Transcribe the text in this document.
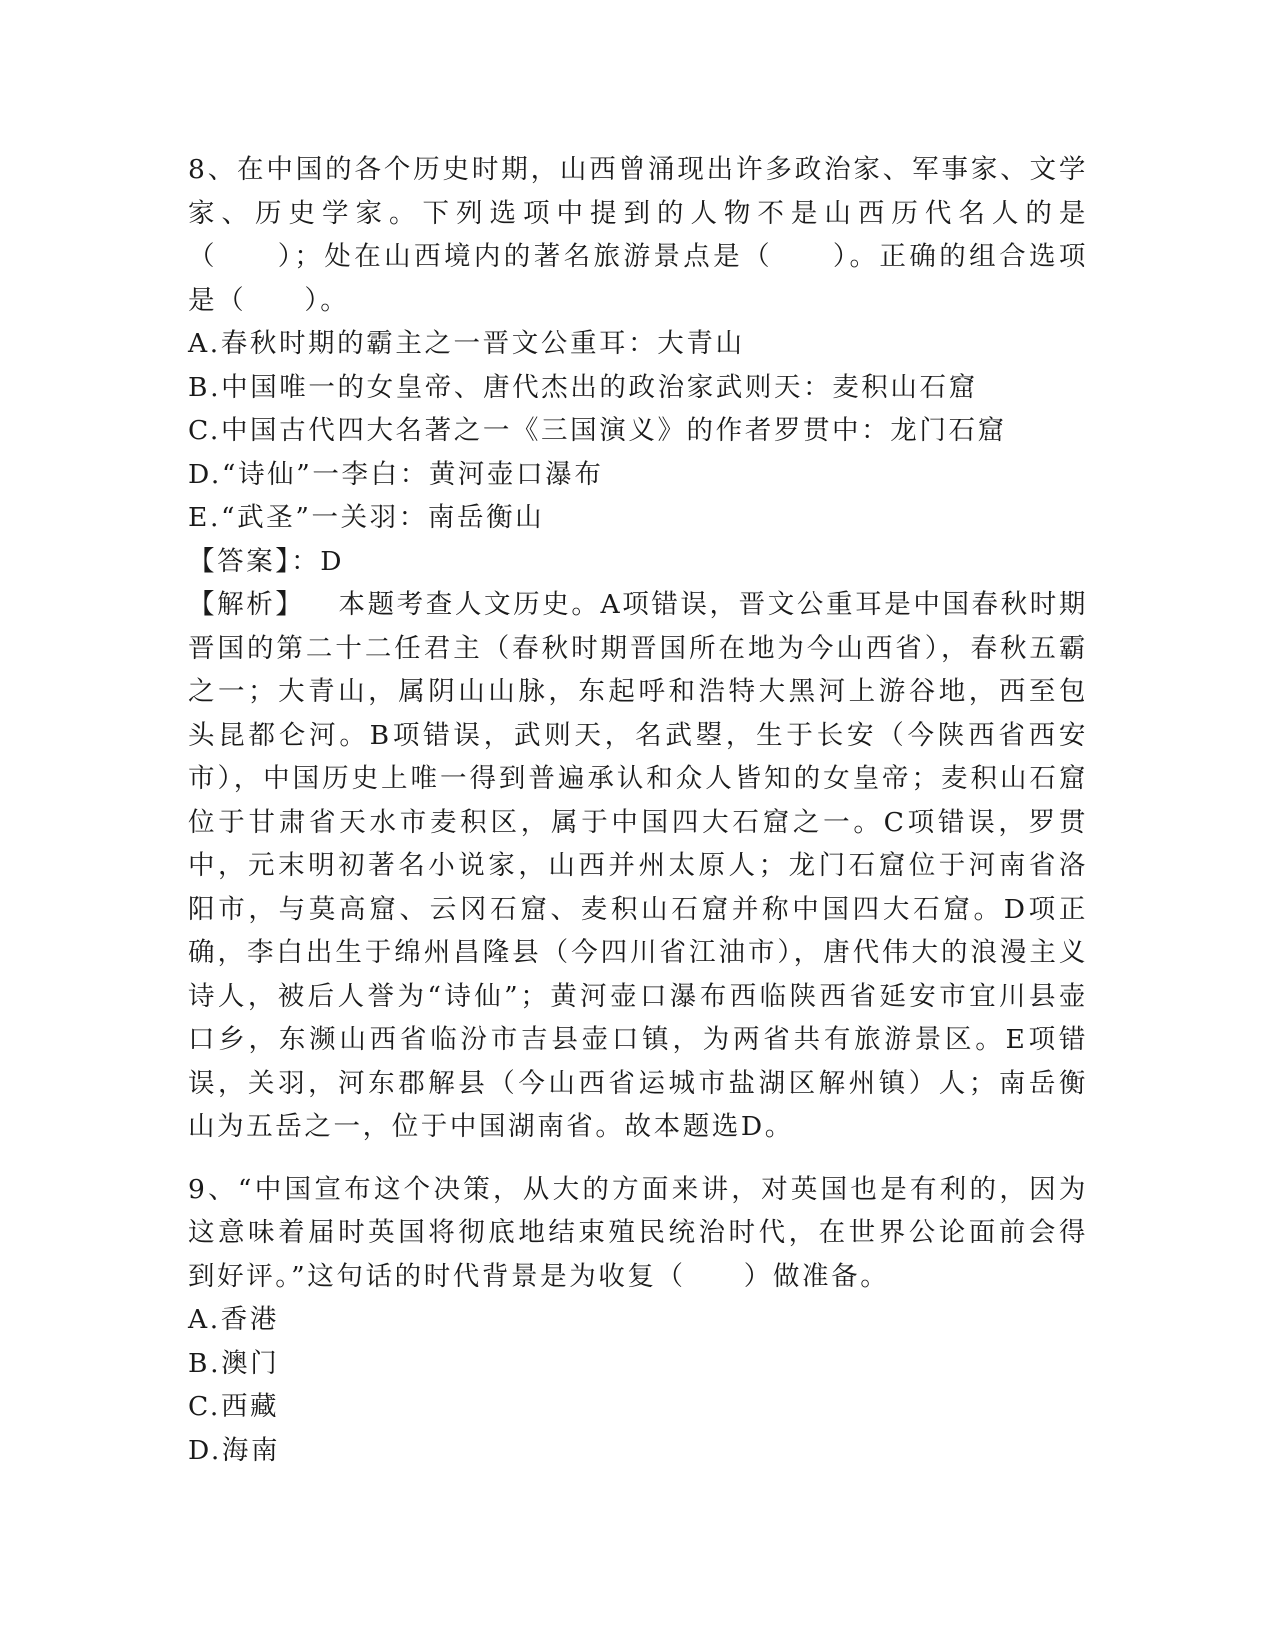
8、在中国的各个历史时期，山西曾涌现出许多政治家、军事家、文学家、历史学家。下列选项中提到的人物不是山西历代名人的是（　　）；处在山西境内的著名旅游景点是（　　）。正确的组合选项是（　　）。
A.春秋时期的霸主之一晋文公重耳：大青山
B.中国唯一的女皇帝、唐代杰出的政治家武则天：麦积山石窟
C.中国古代四大名著之一《三国演义》的作者罗贯中：龙门石窟
D.“诗仙”一李白：黄河壶口瀑布
E.“武圣”一关羽：南岳衡山
【答案】：D
【解析】 本题考查人文历史。A项错误，晋文公重耳是中国春秋时期晋国的第二十二任君主（春秋时期晋国所在地为今山西省），春秋五霸之一；大青山，属阴山山脉，东起呼和浩特大黑河上游谷地，西至包头昆都仑河。B项错误，武则天，名武曌，生于长安（今陕西省西安市），中国历史上唯一得到普遍承认和众人皆知的女皇帝；麦积山石窟位于甘肃省天水市麦积区，属于中国四大石窟之一。C项错误，罗贯中，元末明初著名小说家，山西并州太原人；龙门石窟位于河南省洛阳市，与莫高窟、云冈石窟、麦积山石窟并称中国四大石窟。D项正确，李白出生于绵州昌隆县（今四川省江油市），唐代伟大的浪漫主义诗人，被后人誉为“诗仙”；黄河壶口瀑布西临陕西省延安市宜川县壶口乡，东濒山西省临汾市吉县壶口镇，为两省共有旅游景区。E项错误，关羽，河东郡解县（今山西省运城市盐湖区解州镇）人；南岳衡山为五岳之一，位于中国湖南省。故本题选D。
9、“中国宣布这个决策，从大的方面来讲，对英国也是有利的，因为这意味着届时英国将彻底地结束殖民统治时代，在世界公论面前会得到好评。”这句话的时代背景是为收复（　　）做准备。
A.香港
B.澳门
C.西藏
D.海南
